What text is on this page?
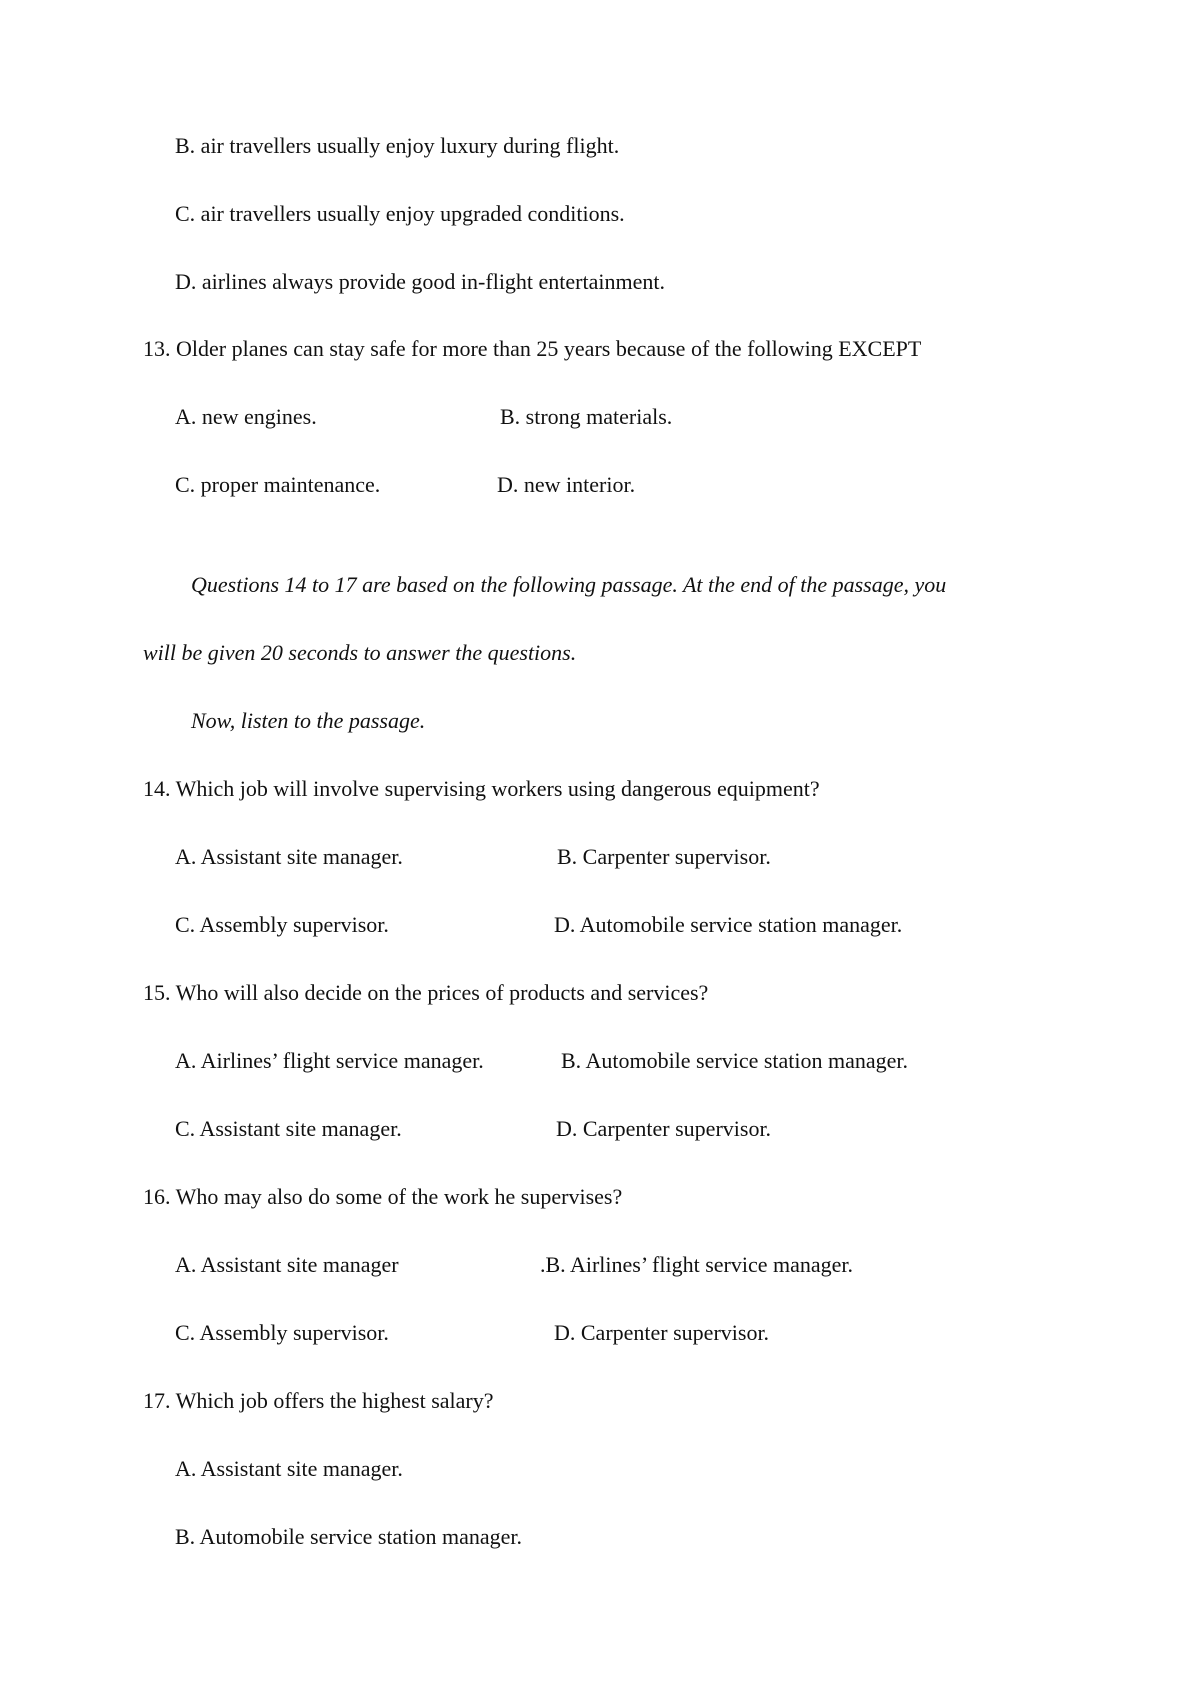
B. air travellers usually enjoy luxury during flight.
C. air travellers usually enjoy upgraded conditions.
D. airlines always provide good in-flight entertainment.
13. Older planes can stay safe for more than 25 years because of the following EXCEPT
A. new engines.	B. strong materials.
C. proper maintenance.	D. new interior.
Questions 14 to 17 are based on the following passage. At the end of the passage, you
will be given 20 seconds to answer the questions.
Now, listen to the passage.
14. Which job will involve supervising workers using dangerous equipment?
A. Assistant site manager.	B. Carpenter supervisor.
C. Assembly supervisor.	D. Automobile service station manager.
15. Who will also decide on the prices of products and services?
A. Airlines’ flight service manager.	B. Automobile service station manager.
C. Assistant site manager.	D. Carpenter supervisor.
16. Who may also do some of the work he supervises?
A. Assistant site manager	.B. Airlines’ flight service manager.
C. Assembly supervisor.	D. Carpenter supervisor.
17. Which job offers the highest salary?
A. Assistant site manager.
B. Automobile service station manager.
